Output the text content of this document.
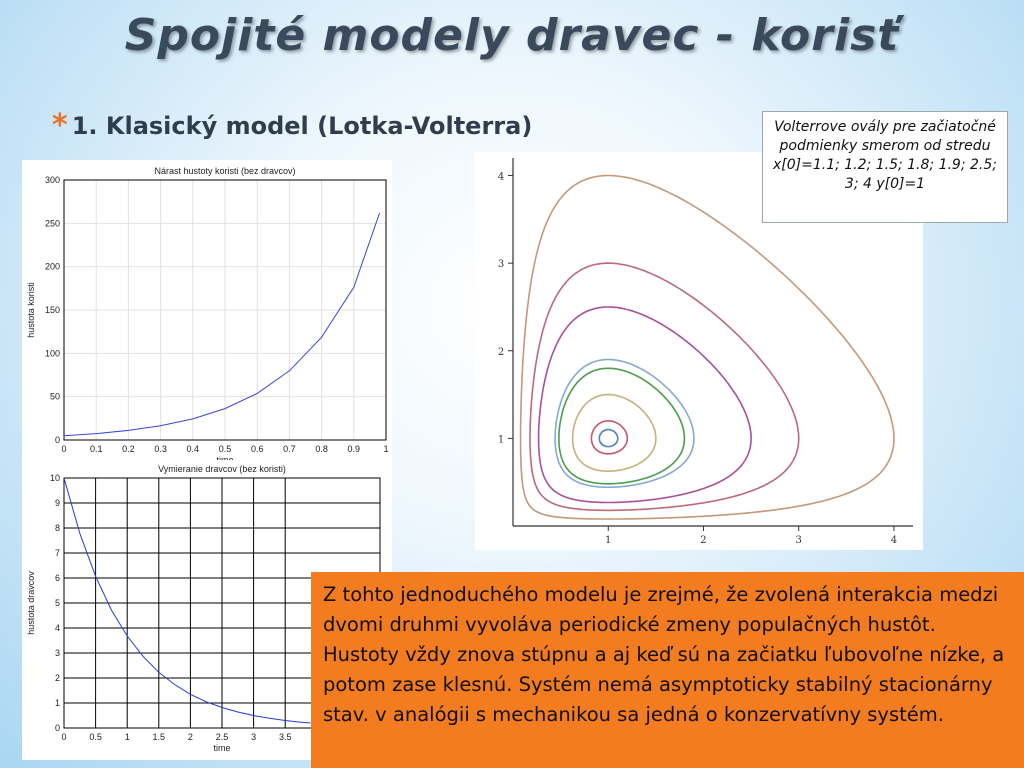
Spojité modely dravec - korisť
* 1. Klasický model (Lotka-Volterra)
Nárast hustoty koristi (bez dravcov)
0	0.1 0.2 0.3 0.4 0.5 0.6 0.7 0.8 0.9	1
0
50
100
150
200
250
300
hustota koristi
Vymieranie dravcov (bez koristi)
0	0.5	1	1.5	2	2.5	3	3.5
0
1
2
3
4
5
6
7
8
9
10
time
hustota dravcov
1	2	3	4
1
2
3
4
Volterrove ovály pre začiatočné podmienky smerom od stredu x[0]=1.1; 1.2; 1.5; 1.8; 1.9; 2.5; 3; 4 y[0]=1
Z tohto jednoduchého modelu je zrejmé, že zvolená interakcia medzi dvomi druhmi vyvoláva periodické zmeny populačných hustôt. Hustoty vždy znova stúpnu a aj keď sú na začiatku ľubovoľne nízke, a potom zase klesnú. Systém nemá asymptoticky stabilný stacionárny stav. v analógii s mechanikou sa jedná o konzervatívny systém.
